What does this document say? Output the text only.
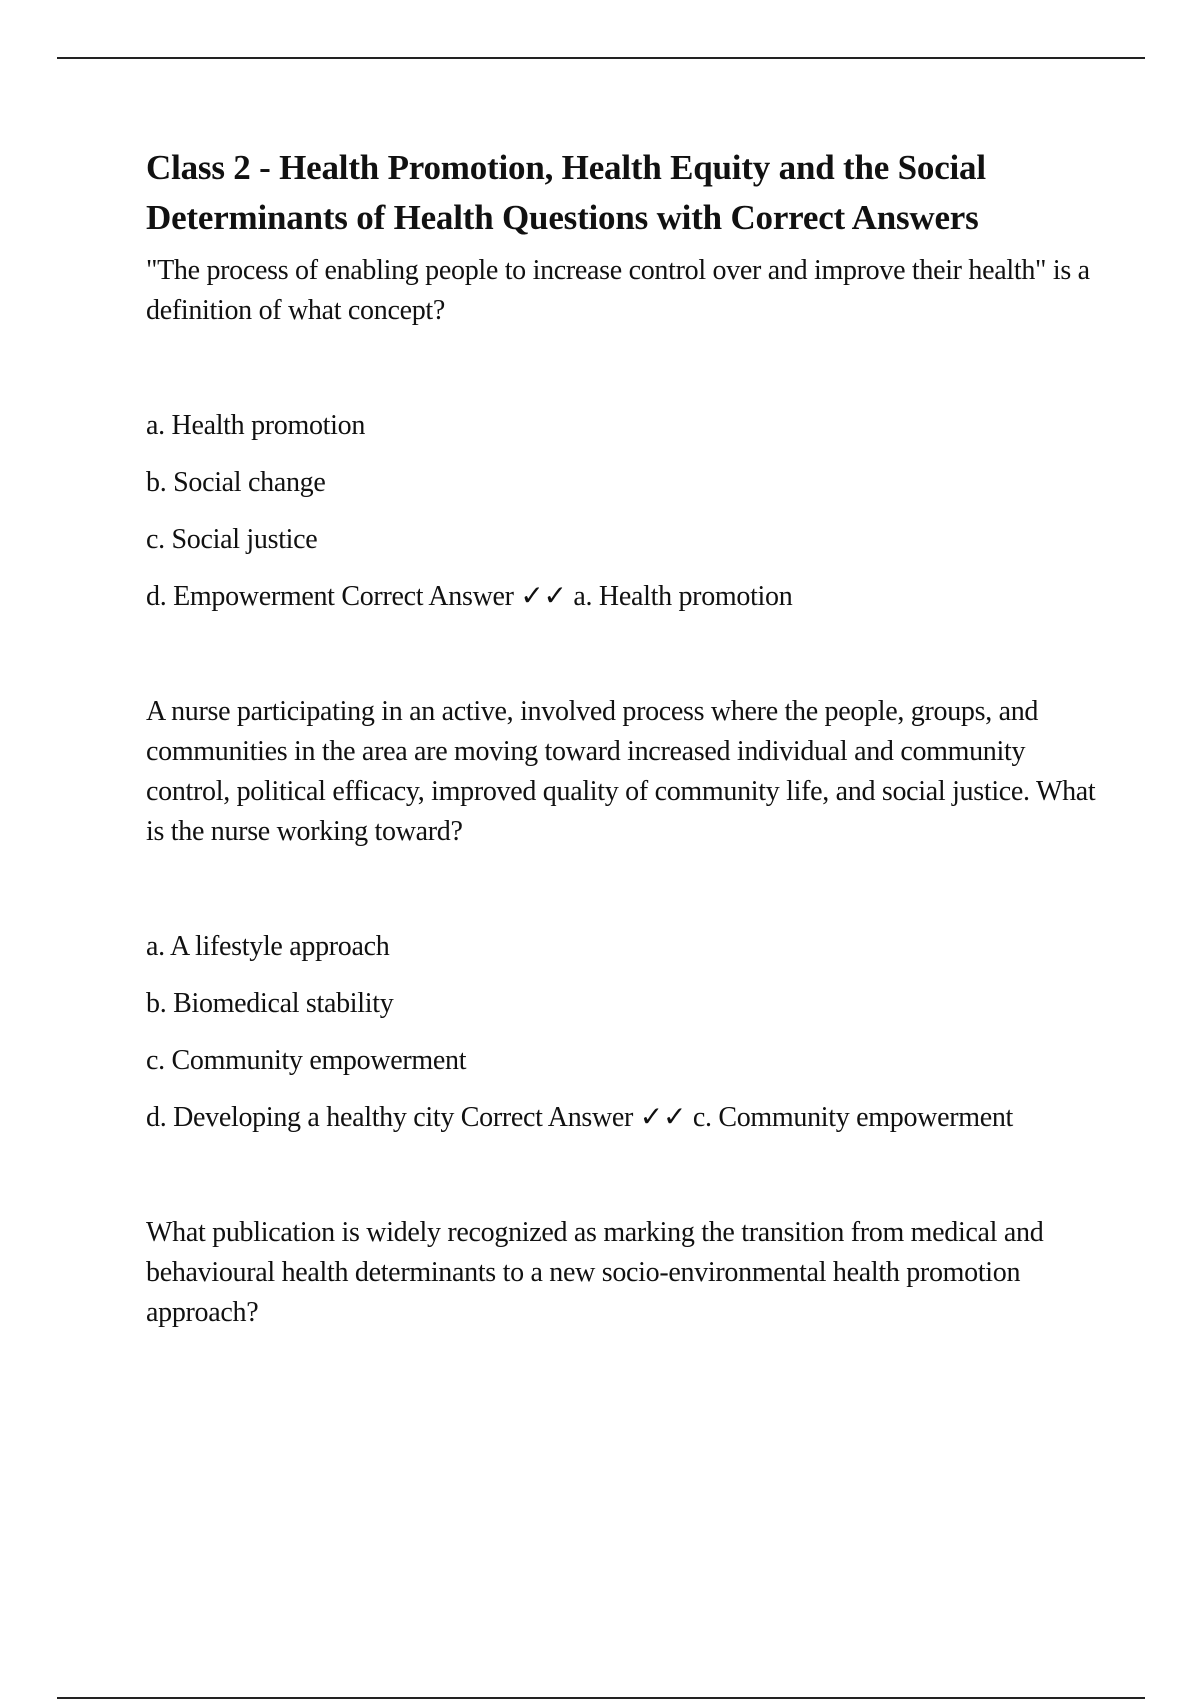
Class 2 - Health Promotion, Health Equity and the Social Determinants of Health Questions with Correct Answers

"The process of enabling people to increase control over and improve their health" is a definition of what concept?

a. Health promotion
b. Social change
c. Social justice
d. Empowerment Correct Answer ✓✓ a. Health promotion

A nurse participating in an active, involved process where the people, groups, and communities in the area are moving toward increased individual and community control, political efficacy, improved quality of community life, and social justice. What is the nurse working toward?

a. A lifestyle approach
b. Biomedical stability
c. Community empowerment
d. Developing a healthy city Correct Answer ✓✓ c. Community empowerment

What publication is widely recognized as marking the transition from medical and behavioural health determinants to a new socio-environmental health promotion approach?
